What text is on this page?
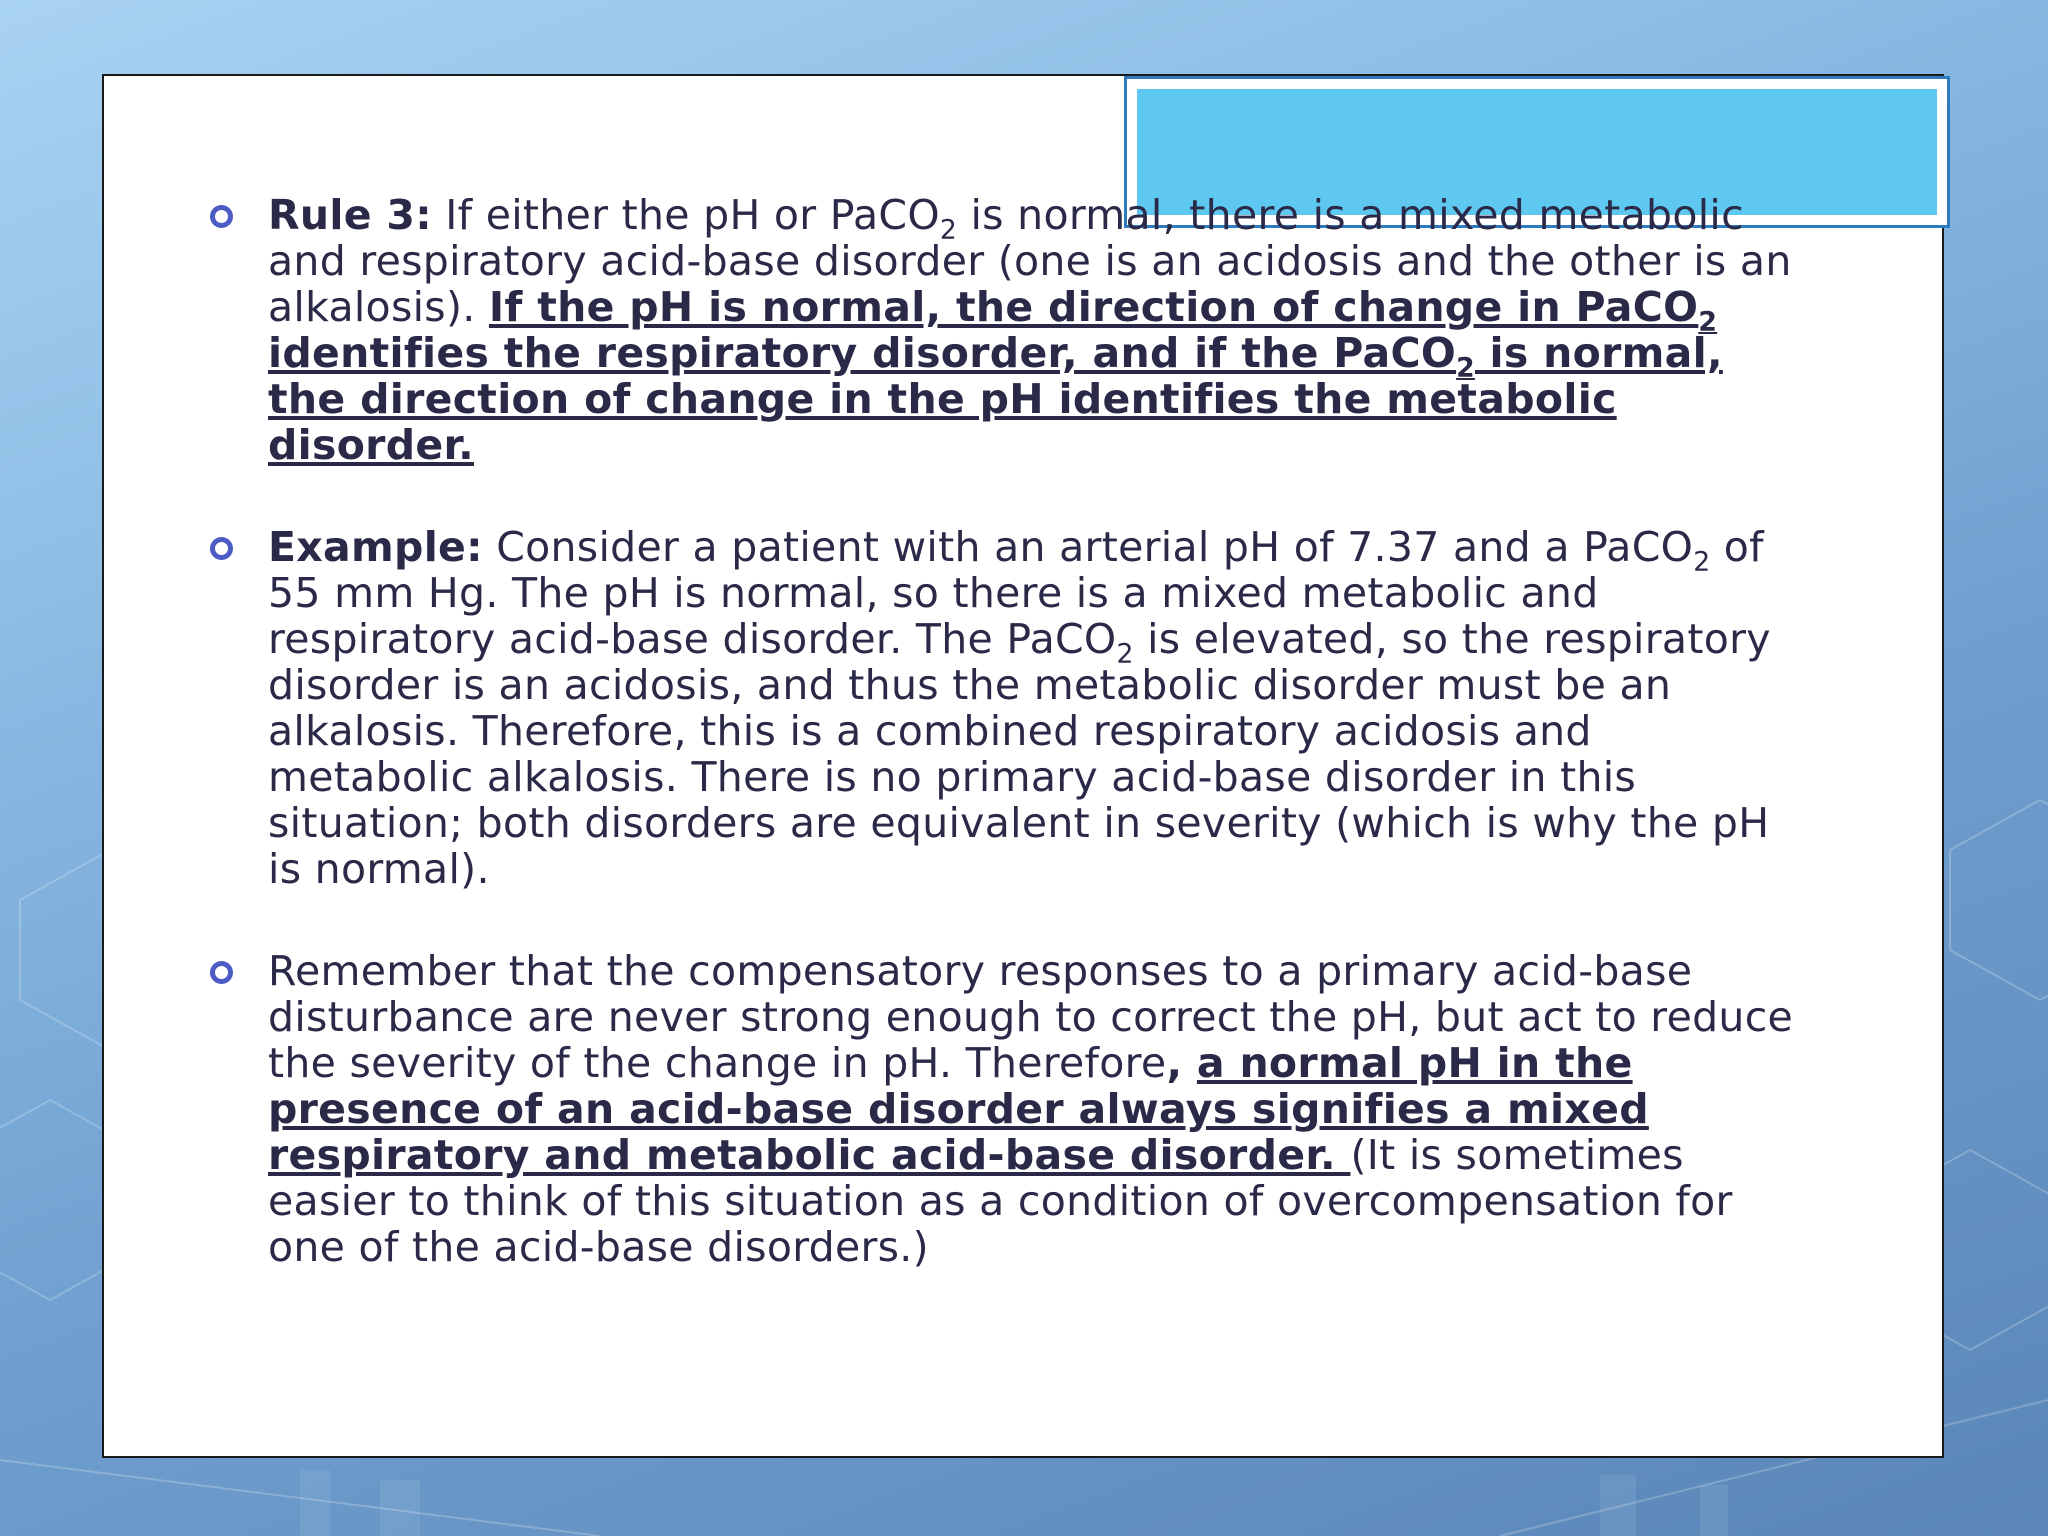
Rule 3: If either the pH or PaCO$_2$ is normal, there is a mixed metabolic and respiratory acid-base disorder (one is an acidosis and the other is an alkalosis). If the pH is normal, the direction of change in PaCO$_2$ identifies the respiratory disorder, and if the PaCO$_2$ is normal, the direction of change in the pH identifies the metabolic disorder.
Example: Consider a patient with an arterial pH of 7.37 and a PaCO$_2$ of 55 mm Hg. The pH is normal, so there is a mixed metabolic and respiratory acid-base disorder. The PaCO$_2$ is elevated, so the respiratory disorder is an acidosis, and thus the metabolic disorder must be an alkalosis. Therefore, this is a combined respiratory acidosis and metabolic alkalosis. There is no primary acid-base disorder in this situation; both disorders are equivalent in severity (which is why the pH is normal).
Remember that the compensatory responses to a primary acid-base disturbance are never strong enough to correct the pH, but act to reduce the severity of the change in pH. Therefore, a normal pH in the presence of an acid-base disorder always signifies a mixed respiratory and metabolic acid-base disorder. (It is sometimes easier to think of this situation as a condition of overcompensation for one of the acid-base disorders.)
